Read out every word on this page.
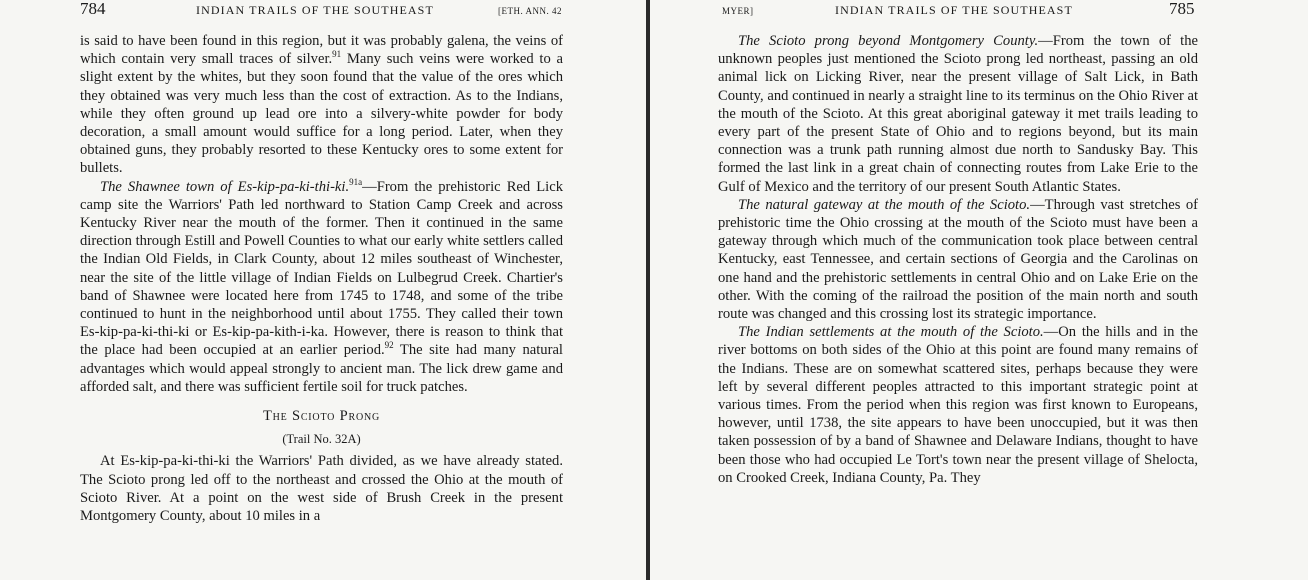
784	INDIAN TRAILS OF THE SOUTHEAST	[ETH. ANN. 42

is said to have been found in this region, but it was probably galena, the veins of which contain very small traces of silver.$^{91}$ Many such veins were worked to a slight extent by the whites, but they soon found that the value of the ores which they obtained was very much less than the cost of extraction. As to the Indians, while they often ground up lead ore into a silvery-white powder for body decoration, a small amount would suffice for a long period. Later, when they obtained guns, they probably resorted to these Kentucky ores to some extent for bullets.

The Shawnee town of Es-kip-pa-ki-thi-ki.$^{91a}$—From the prehistoric Red Lick camp site the Warriors' Path led northward to Station Camp Creek and across Kentucky River near the mouth of the former. Then it continued in the same direction through Estill and Powell Counties to what our early white settlers called the Indian Old Fields, in Clark County, about 12 miles southeast of Winchester, near the site of the little village of Indian Fields on Lulbegrud Creek. Chartier's band of Shawnee were located here from 1745 to 1748, and some of the tribe continued to hunt in the neighborhood until about 1755. They called their town Es-kip-pa-ki-thi-ki or Es-kip-pa-kith-i-ka. However, there is reason to think that the place had been occupied at an earlier period.$^{92}$ The site had many natural advantages which would appeal strongly to ancient man. The lick drew game and afforded salt, and there was sufficient fertile soil for truck patches.

The Scioto Prong
(Trail No. 32A)

At Es-kip-pa-ki-thi-ki the Warriors' Path divided, as we have already stated. The Scioto prong led off to the northeast and crossed the Ohio at the mouth of Scioto River. At a point on the west side of Brush Creek in the present Montgomery County, about 10 miles in a

MYER]	INDIAN TRAILS OF THE SOUTHEAST	785

The Scioto prong beyond Montgomery County.—From the town of the unknown peoples just mentioned the Scioto prong led northeast, passing an old animal lick on Licking River, near the present village of Salt Lick, in Bath County, and continued in nearly a straight line to its terminus on the Ohio River at the mouth of the Scioto. At this great aboriginal gateway it met trails leading to every part of the present State of Ohio and to regions beyond, but its main connection was a trunk path running almost due north to Sandusky Bay. This formed the last link in a great chain of connecting routes from Lake Erie to the Gulf of Mexico and the territory of our present South Atlantic States.

The natural gateway at the mouth of the Scioto.—Through vast stretches of prehistoric time the Ohio crossing at the mouth of the Scioto must have been a gateway through which much of the communication took place between central Kentucky, east Tennessee, and certain sections of Georgia and the Carolinas on one hand and the prehistoric settlements in central Ohio and on Lake Erie on the other. With the coming of the railroad the position of the main north and south route was changed and this crossing lost its strategic importance.

The Indian settlements at the mouth of the Scioto.—On the hills and in the river bottoms on both sides of the Ohio at this point are found many remains of the Indians. These are on somewhat scattered sites, perhaps because they were left by several different peoples attracted to this important strategic point at various times. From the period when this region was first known to Europeans, however, until 1738, the site appears to have been unoccupied, but it was then taken possession of by a band of Shawnee and Delaware Indians, thought to have been those who had occupied Le Tort's town near the present village of Shelocta, on Crooked Creek, Indiana County, Pa. They
